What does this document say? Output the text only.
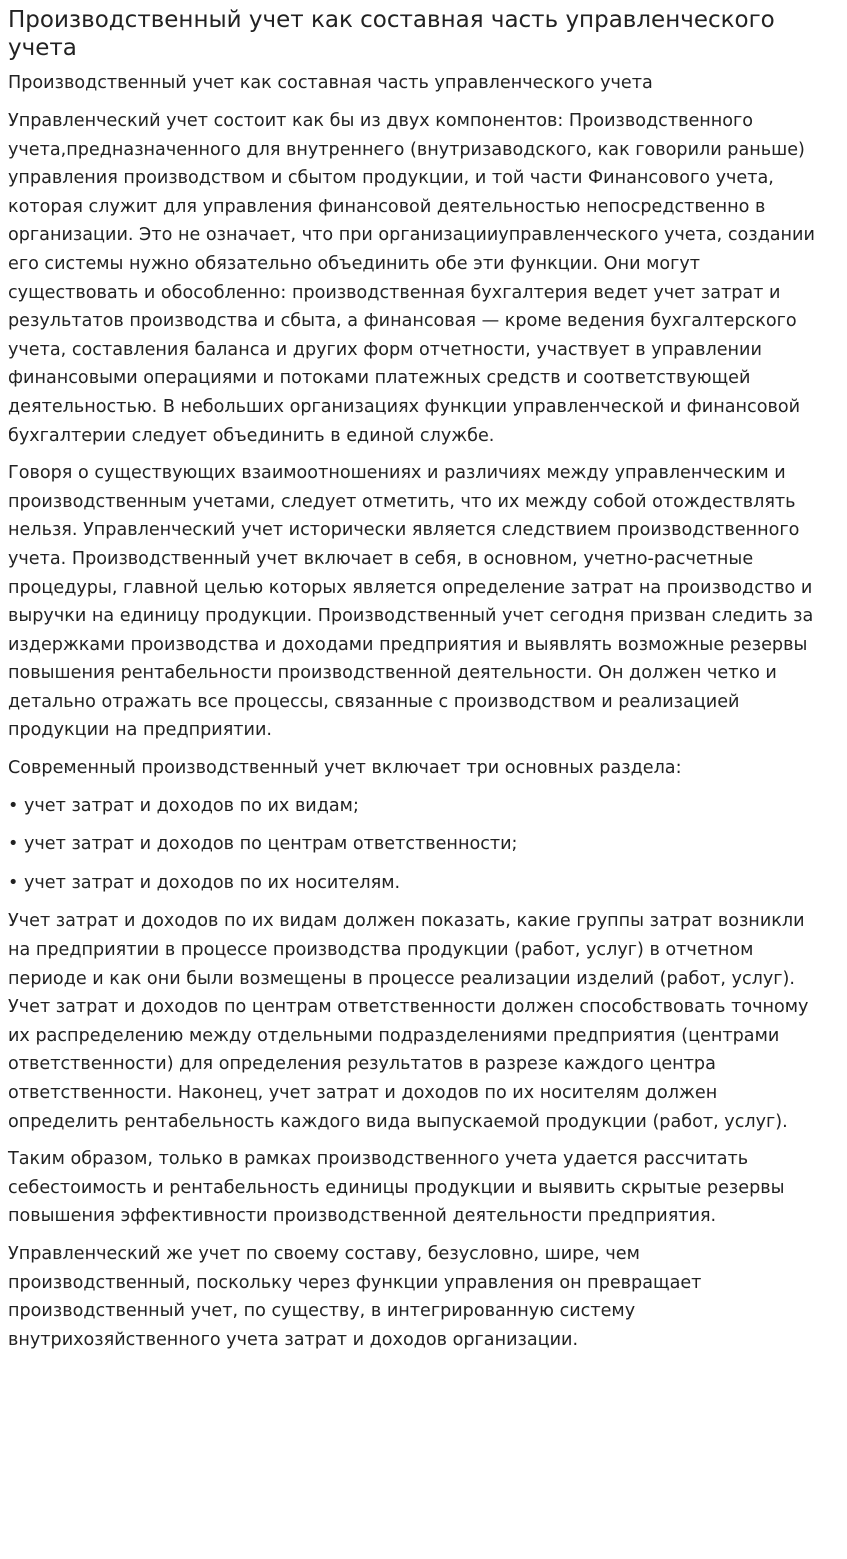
Производственный учет как составная часть управленческого учета
Производственный учет как составная часть управленческого учета

Управленческий учет состоит как бы из двух компонентов: Производственного учета,предназначенного для внутреннего (внутризаводского, как говорили раньше) управления производством и сбытом продукции, и той части Финансового учета, которая служит для управления финансовой деятельностью непосредственно в организации. Это не означает, что при организацииуправленческого учета, создании его системы нужно обязательно объединить обе эти функции. Они могут существовать и обособленно: производственная бухгалтерия ведет учет затрат и результатов производства и сбыта, а финансовая — кроме ведения бухгалтерского учета, составления баланса и других форм отчетности, участвует в управлении финансовыми операциями и потоками платежных средств и соответствующей деятельностью. В небольших организациях функции управленческой и финансовой бухгалтерии следует объединить в единой службе.

Говоря о существующих взаимоотношениях и различиях между управленческим и производственным учетами, следует отметить, что их между собой отождествлять нельзя. Управленческий учет исторически является следствием производственного учета. Производственный учет включает в себя, в основном, учетно-расчетные процедуры, главной целью которых является определение затрат на производство и выручки на единицу продукции. Производственный учет сегодня призван следить за издержками производства и доходами предприятия и выявлять возможные резервы повышения рентабельности производственной деятельности. Он должен четко и детально отражать все процессы, связанные с производством и реализацией продукции на предприятии.

Современный производственный учет включает три основных раздела:

• учет затрат и доходов по их видам;
• учет затрат и доходов по центрам ответственности;
• учет затрат и доходов по их носителям.

Учет затрат и доходов по их видам должен показать, какие группы затрат возникли на предприятии в процессе производства продукции (работ, услуг) в отчетном периоде и как они были возмещены в процессе реализации изделий (работ, услуг). Учет затрат и доходов по центрам ответственности должен способствовать точному их распределению между отдельными подразделениями предприятия (центрами ответственности) для определения результатов в разрезе каждого центра ответственности. Наконец, учет затрат и доходов по их носителям должен определить рентабельность каждого вида выпускаемой продукции (работ, услуг).

Таким образом, только в рамках производственного учета удается рассчитать себестоимость и рентабельность единицы продукции и выявить скрытые резервы повышения эффективности производственной деятельности предприятия.

Управленческий же учет по своему составу, безусловно, шире, чем производственный, поскольку через функции управления он превращает производственный учет, по существу, в интегрированную систему внутрихозяйственного учета затрат и доходов организации.
